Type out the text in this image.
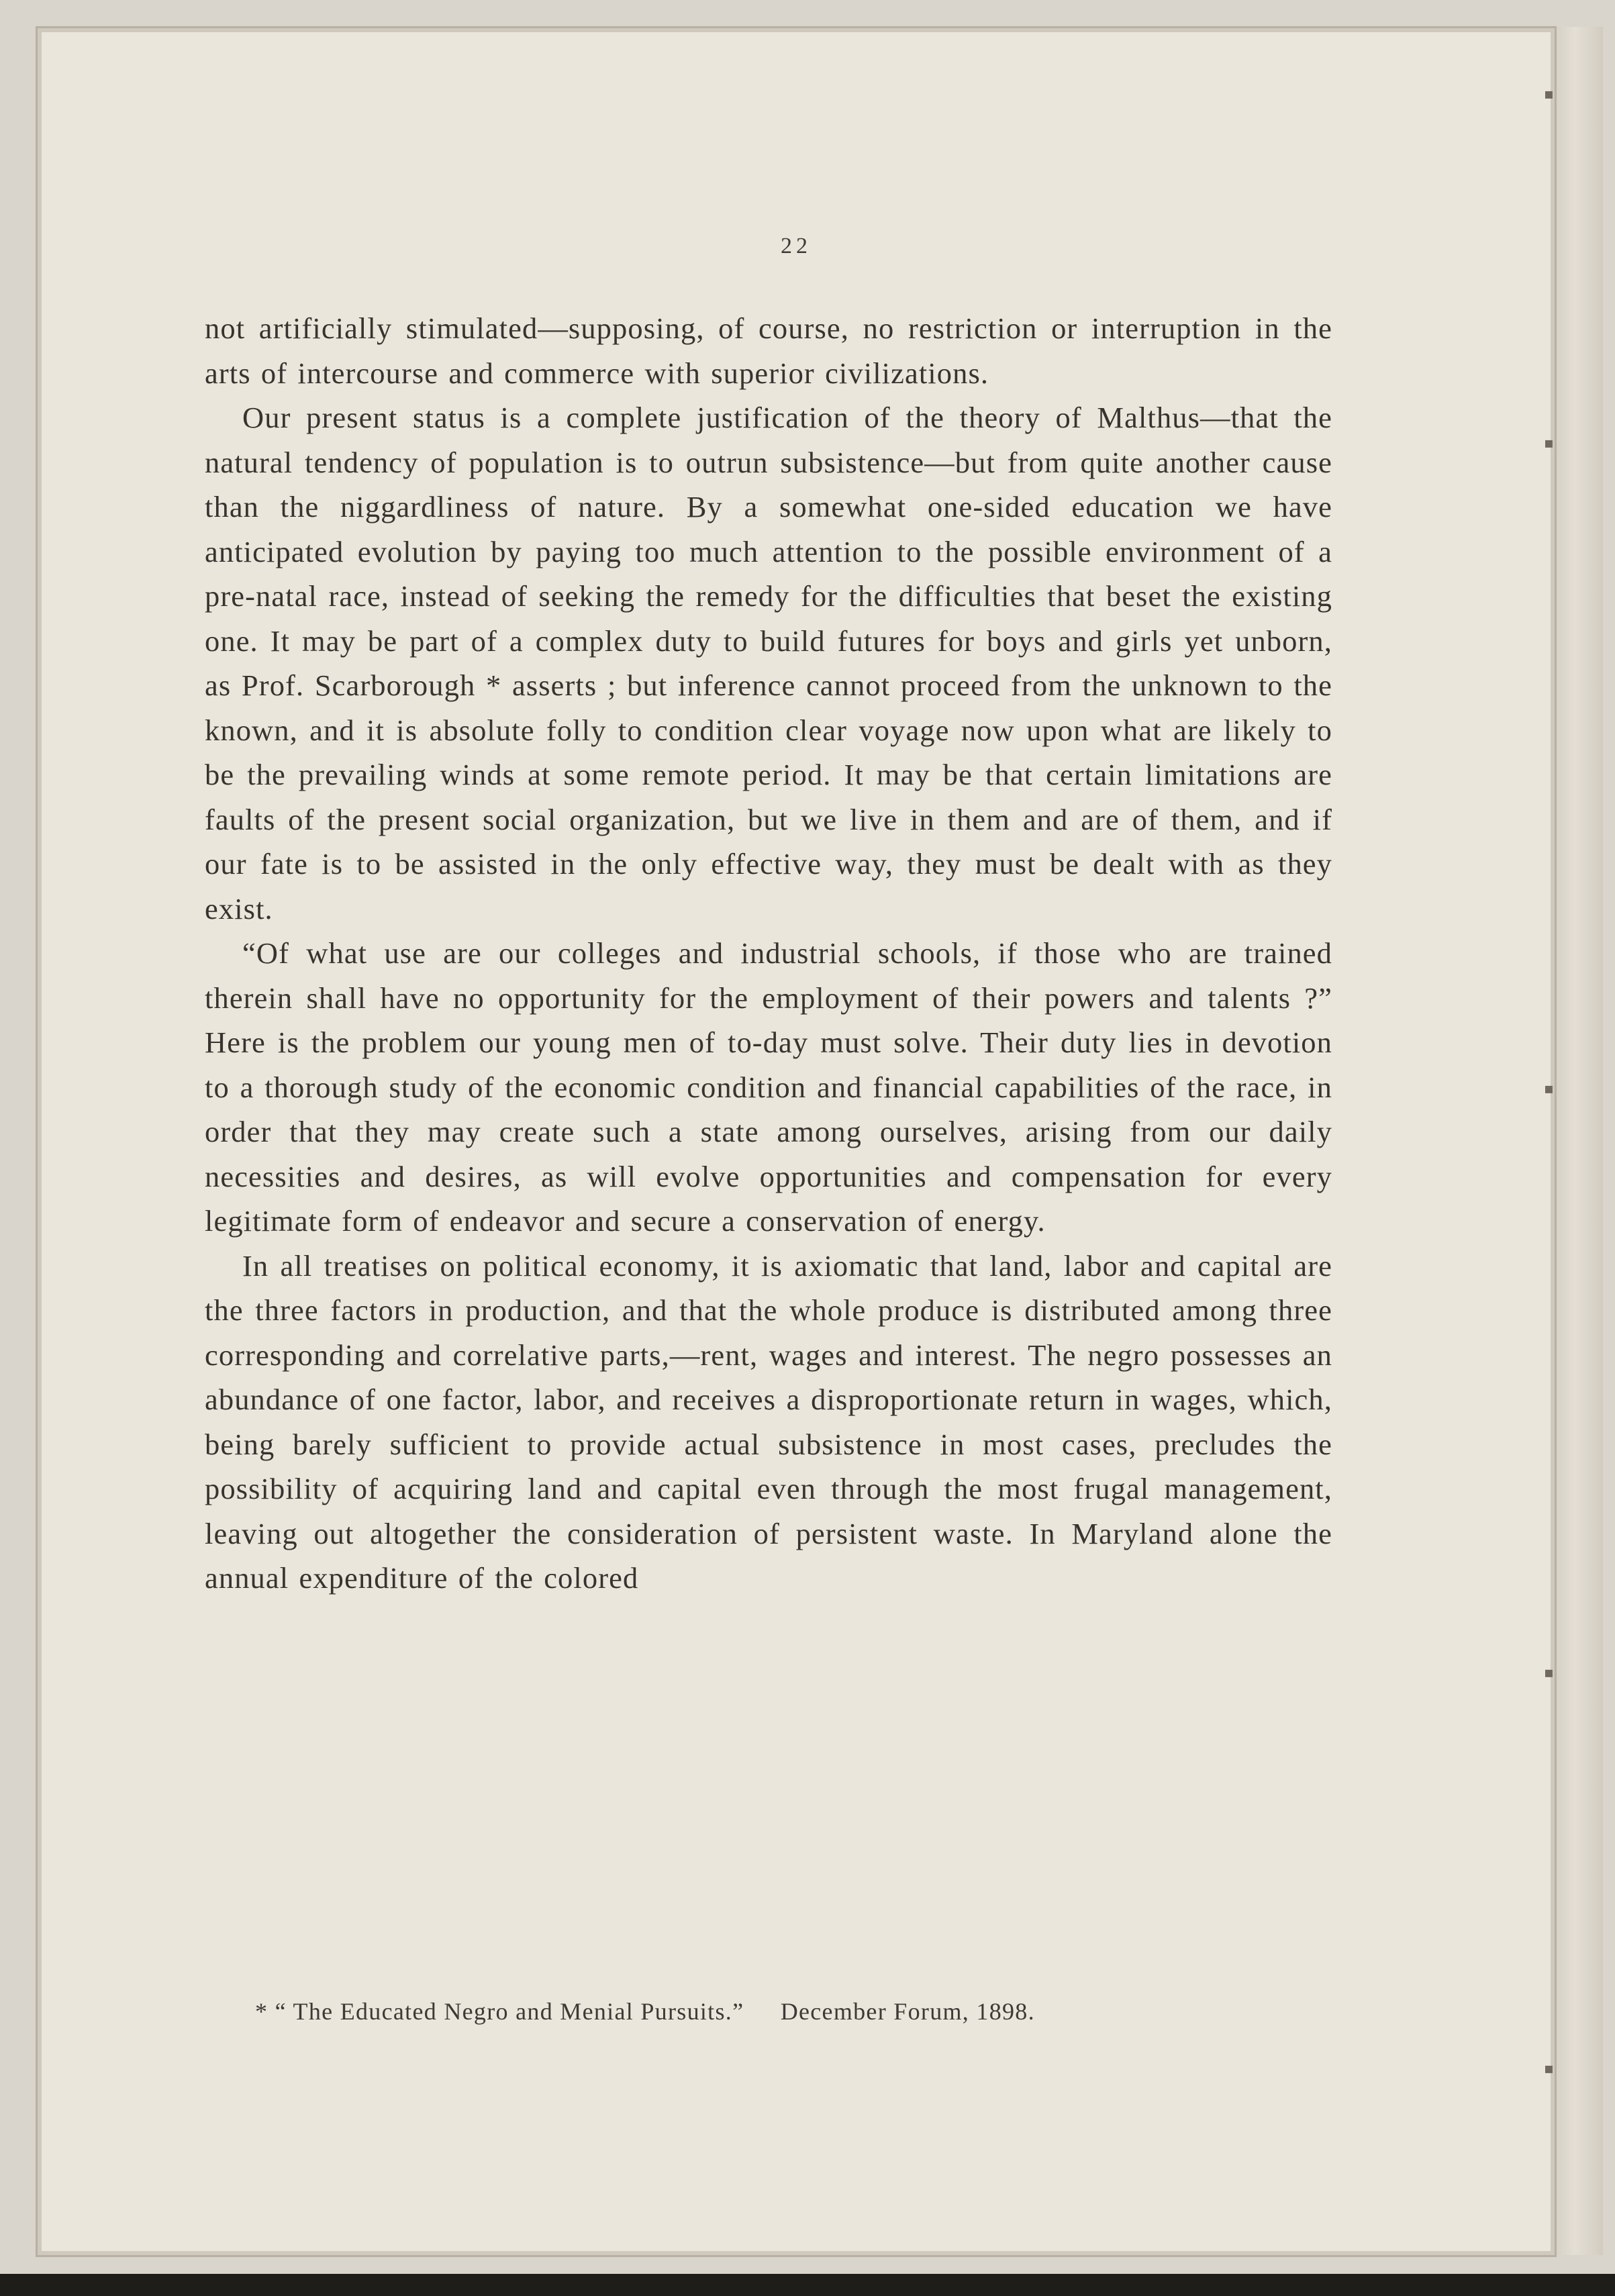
22

not artificially stimulated—supposing, of course, no restriction or interruption in the arts of intercourse and commerce with superior civilizations.

Our present status is a complete justification of the theory of Malthus—that the natural tendency of population is to outrun subsistence—but from quite another cause than the niggardliness of nature. By a somewhat one-sided education we have anticipated evolution by paying too much attention to the possible environment of a pre-natal race, instead of seeking the remedy for the difficulties that beset the existing one. It may be part of a complex duty to build futures for boys and girls yet unborn, as Prof. Scarborough * asserts ; but inference cannot proceed from the unknown to the known, and it is absolute folly to condition clear voyage now upon what are likely to be the prevailing winds at some remote period. It may be that certain limitations are faults of the present social organization, but we live in them and are of them, and if our fate is to be assisted in the only effective way, they must be dealt with as they exist.

“Of what use are our colleges and industrial schools, if those who are trained therein shall have no opportunity for the employment of their powers and talents ?” Here is the problem our young men of to-day must solve. Their duty lies in devotion to a thorough study of the economic condition and financial capabilities of the race, in order that they may create such a state among ourselves, arising from our daily necessities and desires, as will evolve opportunities and compensation for every legitimate form of endeavor and secure a conservation of energy.

In all treatises on political economy, it is axiomatic that land, labor and capital are the three factors in production, and that the whole produce is distributed among three corresponding and correlative parts,—rent, wages and interest. The negro possesses an abundance of one factor, labor, and receives a disproportionate return in wages, which, being barely sufficient to provide actual subsistence in most cases, precludes the possibility of acquiring land and capital even through the most frugal management, leaving out altogether the consideration of persistent waste. In Maryland alone the annual expenditure of the colored

* “ The Educated Negro and Menial Pursuits.” December Forum, 1898.
▪
▪
▪
▪
▪
